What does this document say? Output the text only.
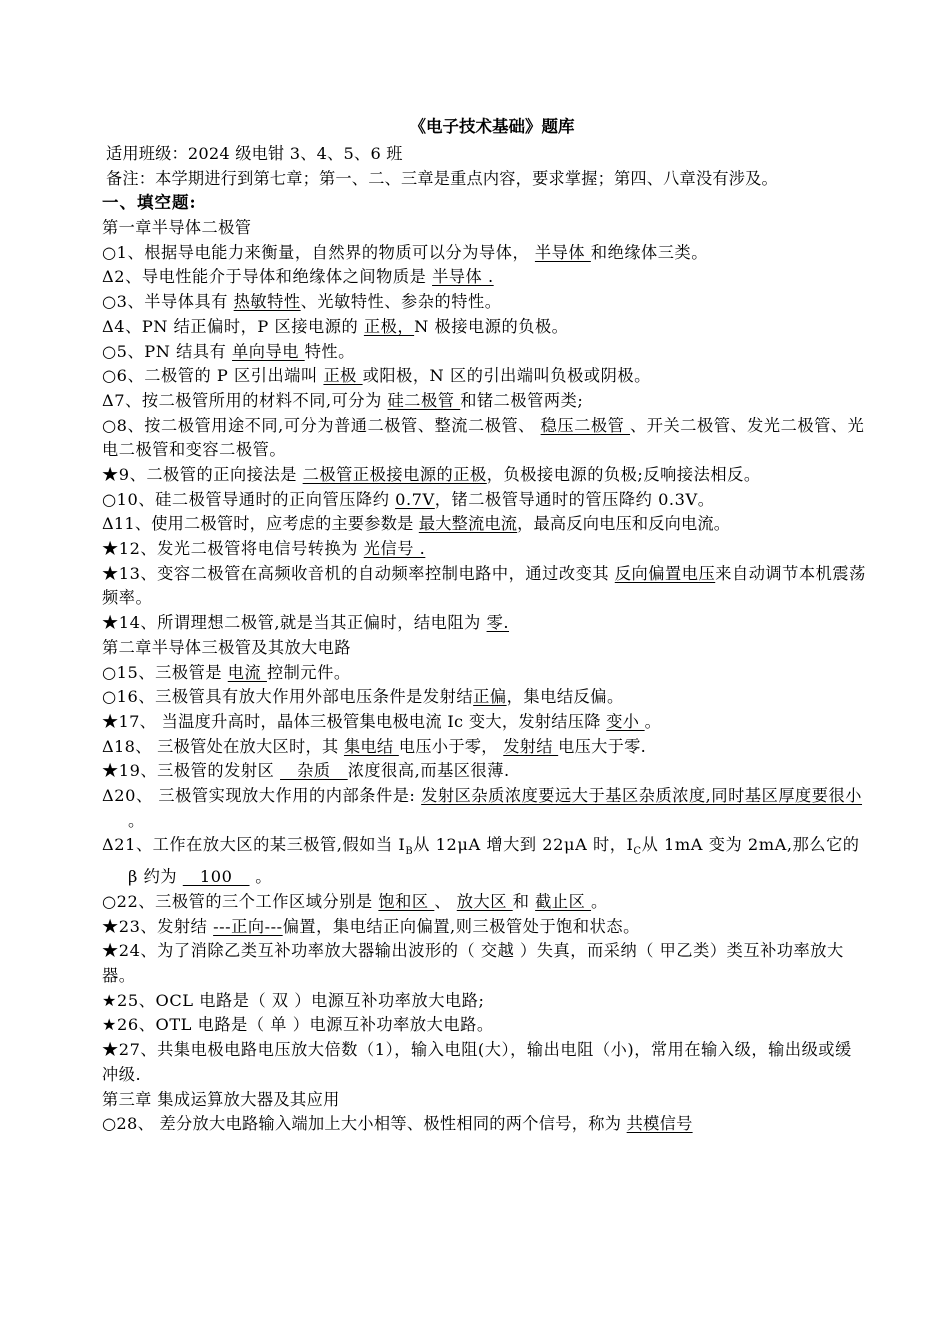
《电子技术基础》题库
适用班级：2024 级电钳 3、4、5、6 班
备注：本学期进行到第七章；第一、二、三章是重点内容，要求掌握；第四、八章没有涉及。
一、填空题:
第一章半导体二极管
○1、根据导电能力来衡量，自然界的物质可以分为导体， 半导体 和绝缘体三类。
Δ2、导电性能介于导体和绝缘体之间物质是 半导体 .
○3、半导体具有 热敏特性、光敏特性、参杂的特性。
Δ4、PN 结正偏时，P 区接电源的 正极，N 极接电源的负极。
○5、PN 结具有 单向导电 特性。
○6、二极管的 P 区引出端叫 正极 或阳极，N 区的引出端叫负极或阴极。
Δ7、按二极管所用的材料不同,可分为 硅二极管 和锗二极管两类;
○8、按二极管用途不同,可分为普通二极管、整流二极管、 稳压二极管 、开关二极管、发光二极管、光电二极管和变容二极管。
★9、二极管的正向接法是 二极管正极接电源的正极，负极接电源的负极;反响接法相反。
○10、硅二极管导通时的正向管压降约 0.7V，锗二极管导通时的管压降约 0.3V。
Δ11、使用二极管时，应考虑的主要参数是 最大整流电流，最高反向电压和反向电流。
★12、发光二极管将电信号转换为 光信号 .
★13、变容二极管在高频收音机的自动频率控制电路中，通过改变其 反向偏置电压来自动调节本机震荡频率。
★14、所谓理想二极管,就是当其正偏时，结电阻为 零.
第二章半导体三极管及其放大电路
○15、三极管是 电流 控制元件。
○16、三极管具有放大作用外部电压条件是发射结正偏，集电结反偏。
★17、 当温度升高时，晶体三极管集电极电流 Ic 变大，发射结压降 变小 。
Δ18、 三极管处在放大区时，其 集电结 电压小于零， 发射结 电压大于零.
★19、三极管的发射区    杂质   浓度很高,而基区很薄.
Δ20、 三极管实现放大作用的内部条件是: 发射区杂质浓度要远大于基区杂质浓度,同时基区厚度要很小 。
Δ21、工作在放大区的某三极管,假如当 $I_B$从 12μA 增大到 22μA 时，$I_C$从 1mA 变为 2mA,那么它的 β 约为    100    。
○22、三极管的三个工作区域分别是 饱和区 、 放大区 和 截止区 。
★23、发射结 ---正向---偏置，集电结正向偏置,则三极管处于饱和状态。
★24、为了消除乙类互补功率放大器输出波形的（ 交越 ）失真，而采纳（ 甲乙类）类互补功率放大器。
★25、OCL 电路是（ 双 ）电源互补功率放大电路;
★26、OTL 电路是（ 单 ）电源互补功率放大电路。
★27、共集电极电路电压放大倍数（1），输入电阻(大），输出电阻（小)，常用在输入级，输出级或缓冲级.
第三章 集成运算放大器及其应用
○28、 差分放大电路输入端加上大小相等、极性相同的两个信号，称为 共模信号
